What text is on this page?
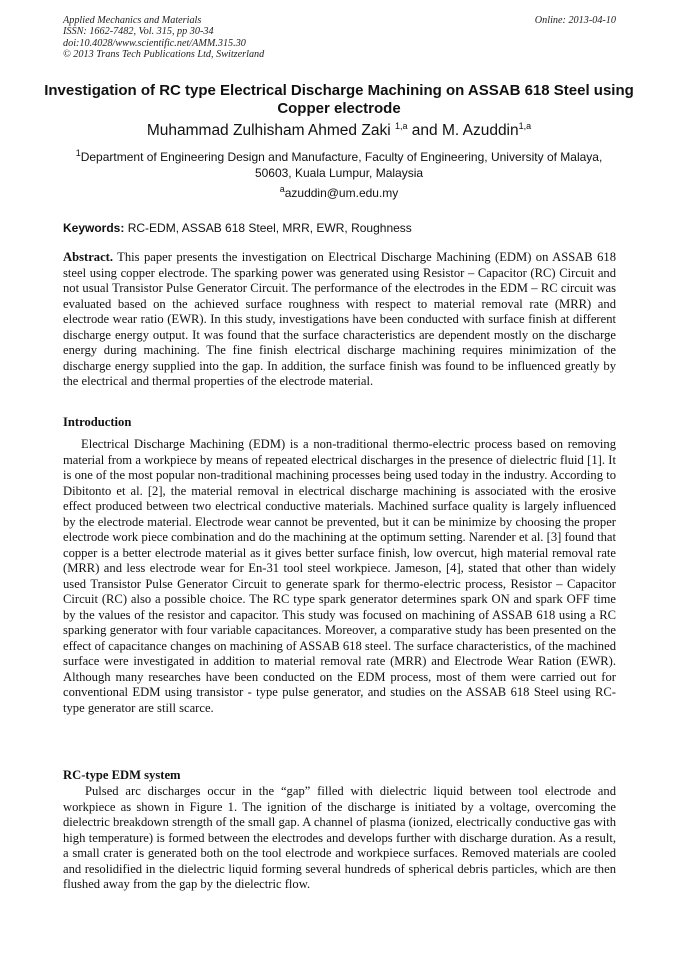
Applied Mechanics and Materials
ISSN: 1662-7482, Vol. 315, pp 30-34
doi:10.4028/www.scientific.net/AMM.315.30
© 2013 Trans Tech Publications Ltd, Switzerland
Online: 2013-04-10
Investigation of RC type Electrical Discharge Machining on ASSAB 618 Steel using Copper electrode
Muhammad Zulhisham Ahmed Zaki $^{1,a}$ and M. Azuddin$^{1,a}$
$^1$Department of Engineering Design and Manufacture, Faculty of Engineering, University of Malaya, 50603, Kuala Lumpur, Malaysia
$^a$azuddin@um.edu.my
Keywords: RC-EDM, ASSAB 618 Steel, MRR, EWR, Roughness

Abstract. This paper presents the investigation on Electrical Discharge Machining (EDM) on ASSAB 618 steel using copper electrode. The sparking power was generated using Resistor – Capacitor (RC) Circuit and not usual Transistor Pulse Generator Circuit. The performance of the electrodes in the EDM – RC circuit was evaluated based on the achieved surface roughness with respect to material removal rate (MRR) and electrode wear ratio (EWR). In this study, investigations have been conducted with surface finish at different discharge energy output. It was found that the surface characteristics are dependent mostly on the discharge energy during machining. The fine finish electrical discharge machining requires minimization of the discharge energy supplied into the gap. In addition, the surface finish was found to be influenced greatly by the electrical and thermal properties of the electrode material.

Introduction

Electrical Discharge Machining (EDM) is a non-traditional thermo-electric process based on removing material from a workpiece by means of repeated electrical discharges in the presence of dielectric fluid [1]. It is one of the most popular non-traditional machining processes being used today in the industry. According to Dibitonto et al. [2], the material removal in electrical discharge machining is associated with the erosive effect produced between two electrical conductive materials. Machined surface quality is largely influenced by the electrode material. Electrode wear cannot be prevented, but it can be minimize by choosing the proper electrode work piece combination and do the machining at the optimum setting. Narender et al. [3] found that copper is a better electrode material as it gives better surface finish, low overcut, high material removal rate (MRR) and less electrode wear for En-31 tool steel workpiece. Jameson, [4], stated that other than widely used Transistor Pulse Generator Circuit to generate spark for thermo-electric process, Resistor – Capacitor Circuit (RC) also a possible choice. The RC type spark generator determines spark ON and spark OFF time by the values of the resistor and capacitor. This study was focused on machining of ASSAB 618 using a RC sparking generator with four variable capacitances. Moreover, a comparative study has been presented on the effect of capacitance changes on machining of ASSAB 618 steel. The surface characteristics, of the machined surface were investigated in addition to material removal rate (MRR) and Electrode Wear Ration (EWR). Although many researches have been conducted on the EDM process, most of them were carried out for conventional EDM using transistor - type pulse generator, and studies on the ASSAB 618 Steel using RC-type generator are still scarce.

RC-type EDM system

Pulsed arc discharges occur in the “gap” filled with dielectric liquid between tool electrode and workpiece as shown in Figure 1. The ignition of the discharge is initiated by a voltage, overcoming the dielectric breakdown strength of the small gap. A channel of plasma (ionized, electrically conductive gas with high temperature) is formed between the electrodes and develops further with discharge duration. As a result, a small crater is generated both on the tool electrode and workpiece surfaces. Removed materials are cooled and resolidified in the dielectric liquid forming several hundreds of spherical debris particles, which are then flushed away from the gap by the dielectric flow.
